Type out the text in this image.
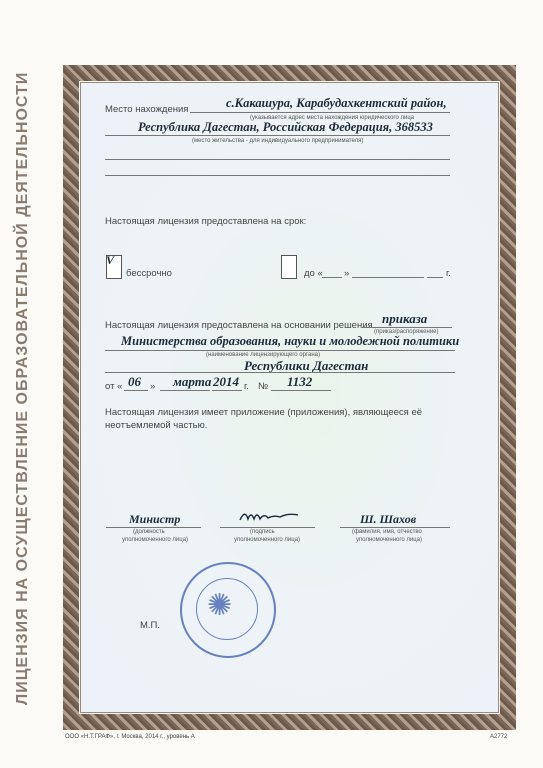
ЛИЦЕНЗИЯ НА ОСУЩЕСТВЛЕНИЕ ОБРАЗОВАТЕЛЬНОЙ ДЕЯТЕЛЬНОСТИ	Место нахождения	с.Какашура, Карабудахкентский район,
(указывается адрес места нахождения юридического лица
Республика Дагестан, Российская Федерация, 368533
(место жительства - для индивидуального предпринимателя)
Настоящая лицензия предоставлена на срок:
V
бессрочно	до « »	г.
Настоящая лицензия предоставлена на основании решения приказа
(приказ/распоряжение)
Министерства образования, науки и молодежной политики
(наименование лицензирующего органа)
Республики Дагестан
от « 06 » марта 2014 г. № 1132
Настоящая лицензия имеет приложение (приложения), являющееся её неотъемлемой частью.
Министр
(должность
уполномоченного лица)
(подпись
уполномоченного лица)
Ш. Шахов
(фамилия, имя, отчество
уполномоченного лица)
✺
М.П.
ООО «Н.Т.ГРАФ», г. Москва, 2014 г., уровень А	A2772
